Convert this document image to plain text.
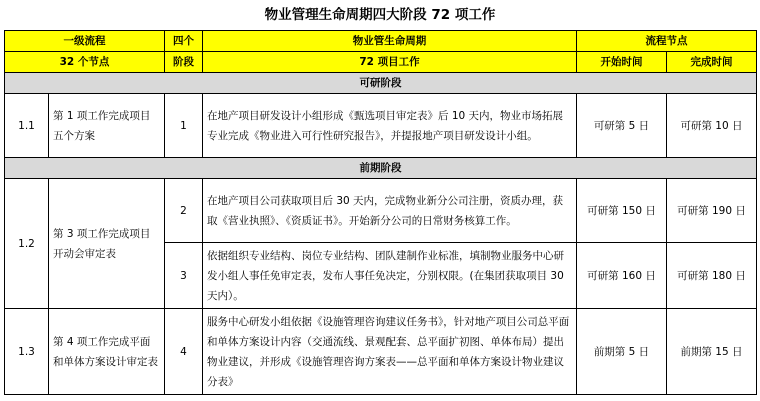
物业管理生命周期四大阶段 72 项工作
一级流程		四个	物业管生命周期	流程节点	
32 个节点		阶段	72 项目工作	开始时间	完成时间
可研阶段					
1.1	第 1 项工作完成项目五个方案	1	在地产项目研发设计小组形成《甄选项目审定表》后 10 天内，物业市场拓展专业完成《物业进入可行性研究报告》，并提报地产项目研发设计小组。	可研第 5 日	可研第 10 日
前期阶段					
1.2	第 3 项工作完成项目开动会审定表	2	在地产项目公司获取项目后 30 天内，完成物业新分公司注册，资质办理，获取《营业执照》、《资质证书》。开始新分公司的日常财务核算工作。	可研第 150 日	可研第 190 日
		3	依据组织专业结构、岗位专业结构、团队建制作业标准，填制物业服务中心研发小组人事任免审定表，发布人事任免决定，分别权限。(在集团获取项目 30 天内）。	可研第 160 日	可研第 180 日
1.3	第 4 项工作完成平面和单体方案设计审定表	4	服务中心研发小组依据《设施管理咨询建议任务书》，针对地产项目公司总平面和单体方案设计内容（交通流线、景观配套、总平面扩初图、单体布局）提出物业建议，并形成《设施管理咨询方案表——总平面和单体方案设计物业建议分表》	前期第 5 日	前期第 15 日
